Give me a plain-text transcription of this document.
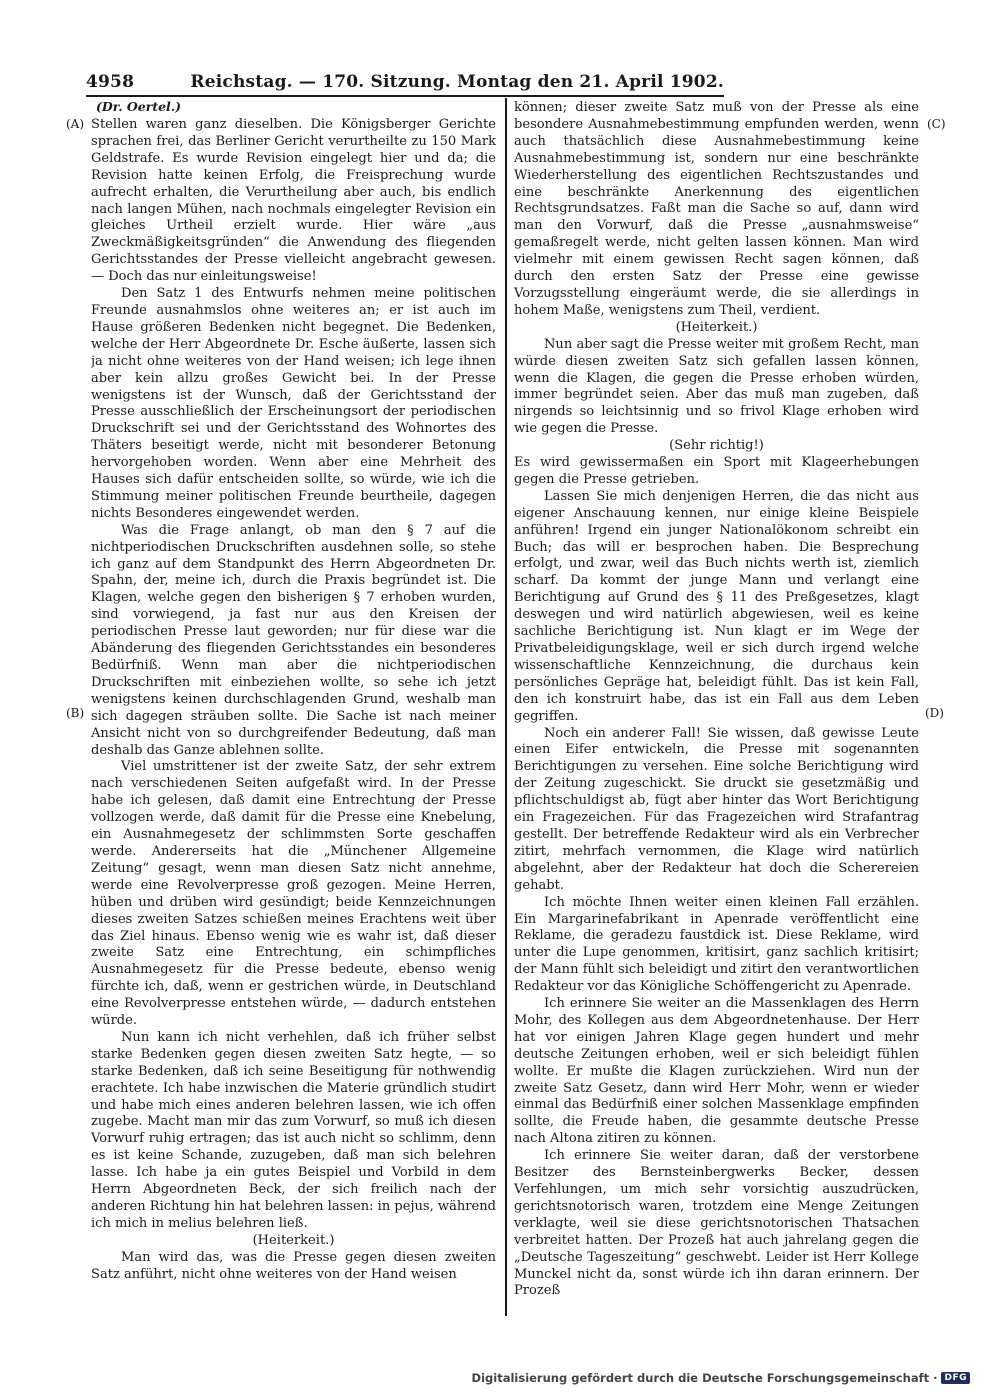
4958	Reichstag. — 170. Sitzung. Montag den 21. April 1902.
(Dr. Oertel.)
(A)
(B)
(C)
(D)

Stellen waren ganz dieselben. Die Königsberger Gerichte sprachen frei, das Berliner Gericht verurtheilte zu 150 Mark Geldstrafe. Es wurde Revision eingelegt hier und da; die Revision hatte keinen Erfolg, die Freisprechung wurde aufrecht erhalten, die Verurtheilung aber auch, bis endlich nach langen Mühen, nach nochmals eingelegter Revision ein gleiches Urtheil erzielt wurde. Hier wäre „aus Zweckmäßigkeitsgründen“ die Anwendung des fliegenden Gerichtsstandes der Presse vielleicht angebracht gewesen. — Doch das nur einleitungsweise!

Den Satz 1 des Entwurfs nehmen meine politischen Freunde ausnahmslos ohne weiteres an; er ist auch im Hause größeren Bedenken nicht begegnet. Die Bedenken, welche der Herr Abgeordnete Dr. Esche äußerte, lassen sich ja nicht ohne weiteres von der Hand weisen; ich lege ihnen aber kein allzu großes Gewicht bei. In der Presse wenigstens ist der Wunsch, daß der Gerichtsstand der Presse ausschließlich der Erscheinungsort der periodischen Druckschrift sei und der Gerichtsstand des Wohnortes des Thäters beseitigt werde, nicht mit besonderer Betonung hervorgehoben worden. Wenn aber eine Mehrheit des Hauses sich dafür entscheiden sollte, so würde, wie ich die Stimmung meiner politischen Freunde beurtheile, dagegen nichts Besonderes eingewendet werden.

Was die Frage anlangt, ob man den § 7 auf die nichtperiodischen Druckschriften ausdehnen solle, so stehe ich ganz auf dem Standpunkt des Herrn Abgeordneten Dr. Spahn, der, meine ich, durch die Praxis begründet ist. Die Klagen, welche gegen den bisherigen § 7 erhoben wurden, sind vorwiegend, ja fast nur aus den Kreisen der periodischen Presse laut geworden; nur für diese war die Abänderung des fliegenden Gerichtsstandes ein besonderes Bedürfniß. Wenn man aber die nichtperiodischen Druckschriften mit einbeziehen wollte, so sehe ich jetzt wenigstens keinen durchschlagenden Grund, weshalb man sich dagegen sträuben sollte. Die Sache ist nach meiner Ansicht nicht von so durchgreifender Bedeutung, daß man deshalb das Ganze ablehnen sollte.

Viel umstrittener ist der zweite Satz, der sehr extrem nach verschiedenen Seiten aufgefaßt wird. In der Presse habe ich gelesen, daß damit eine Entrechtung der Presse vollzogen werde, daß damit für die Presse eine Knebelung, ein Ausnahmegesetz der schlimmsten Sorte geschaffen werde. Andererseits hat die „Münchener Allgemeine Zeitung“ gesagt, wenn man diesen Satz nicht annehme, werde eine Revolverpresse groß gezogen. Meine Herren, hüben und drüben wird gesündigt; beide Kennzeichnungen dieses zweiten Satzes schießen meines Erachtens weit über das Ziel hinaus. Ebenso wenig wie es wahr ist, daß dieser zweite Satz eine Entrechtung, ein schimpfliches Ausnahmegesetz für die Presse bedeute, ebenso wenig fürchte ich, daß, wenn er gestrichen würde, in Deutschland eine Revolverpresse entstehen würde, — dadurch entstehen würde.

Nun kann ich nicht verhehlen, daß ich früher selbst starke Bedenken gegen diesen zweiten Satz hegte, — so starke Bedenken, daß ich seine Beseitigung für nothwendig erachtete. Ich habe inzwischen die Materie gründlich studirt und habe mich eines anderen belehren lassen, wie ich offen zugebe. Macht man mir das zum Vorwurf, so muß ich diesen Vorwurf ruhig ertragen; das ist auch nicht so schlimm, denn es ist keine Schande, zuzugeben, daß man sich belehren lasse. Ich habe ja ein gutes Beispiel und Vorbild in dem Herrn Abgeordneten Beck, der sich freilich nach der anderen Richtung hin hat belehren lassen: in pejus, während ich mich in melius belehren ließ.

(Heiterkeit.)

Man wird das, was die Presse gegen diesen zweiten Satz anführt, nicht ohne weiteres von der Hand weisen

können; dieser zweite Satz muß von der Presse als eine besondere Ausnahmebestimmung empfunden werden, wenn auch thatsächlich diese Ausnahmebestimmung keine Ausnahmebestimmung ist, sondern nur eine beschränkte Wiederherstellung des eigentlichen Rechtszustandes und eine beschränkte Anerkennung des eigentlichen Rechtsgrundsatzes. Faßt man die Sache so auf, dann wird man den Vorwurf, daß die Presse „ausnahmsweise“ gemaßregelt werde, nicht gelten lassen können. Man wird vielmehr mit einem gewissen Recht sagen können, daß durch den ersten Satz der Presse eine gewisse Vorzugsstellung eingeräumt werde, die sie allerdings in hohem Maße, wenigstens zum Theil, verdient.

(Heiterkeit.)

Nun aber sagt die Presse weiter mit großem Recht, man würde diesen zweiten Satz sich gefallen lassen können, wenn die Klagen, die gegen die Presse erhoben würden, immer begründet seien. Aber das muß man zugeben, daß nirgends so leichtsinnig und so frivol Klage erhoben wird wie gegen die Presse.

(Sehr richtig!)

Es wird gewissermaßen ein Sport mit Klageerhebungen gegen die Presse getrieben.

Lassen Sie mich denjenigen Herren, die das nicht aus eigener Anschauung kennen, nur einige kleine Beispiele anführen! Irgend ein junger Nationalökonom schreibt ein Buch; das will er besprochen haben. Die Besprechung erfolgt, und zwar, weil das Buch nichts werth ist, ziemlich scharf. Da kommt der junge Mann und verlangt eine Berichtigung auf Grund des § 11 des Preßgesetzes, klagt deswegen und wird natürlich abgewiesen, weil es keine sachliche Berichtigung ist. Nun klagt er im Wege der Privatbeleidigungsklage, weil er sich durch irgend welche wissenschaftliche Kennzeichnung, die durchaus kein persönliches Gepräge hat, beleidigt fühlt. Das ist kein Fall, den ich konstruirt habe, das ist ein Fall aus dem Leben gegriffen.

Noch ein anderer Fall! Sie wissen, daß gewisse Leute einen Eifer entwickeln, die Presse mit sogenannten Berichtigungen zu versehen. Eine solche Berichtigung wird der Zeitung zugeschickt. Sie druckt sie gesetzmäßig und pflichtschuldigst ab, fügt aber hinter das Wort Berichtigung ein Fragezeichen. Für das Fragezeichen wird Strafantrag gestellt. Der betreffende Redakteur wird als ein Verbrecher zitirt, mehrfach vernommen, die Klage wird natürlich abgelehnt, aber der Redakteur hat doch die Scherereien gehabt.

Ich möchte Ihnen weiter einen kleinen Fall erzählen. Ein Margarinefabrikant in Apenrade veröffentlicht eine Reklame, die geradezu faustdick ist. Diese Reklame, wird unter die Lupe genommen, kritisirt, ganz sachlich kritisirt; der Mann fühlt sich beleidigt und zitirt den verantwortlichen Redakteur vor das Königliche Schöffengericht zu Apenrade.

Ich erinnere Sie weiter an die Massenklagen des Herrn Mohr, des Kollegen aus dem Abgeordnetenhause. Der Herr hat vor einigen Jahren Klage gegen hundert und mehr deutsche Zeitungen erhoben, weil er sich beleidigt fühlen wollte. Er mußte die Klagen zurückziehen. Wird nun der zweite Satz Gesetz, dann wird Herr Mohr, wenn er wieder einmal das Bedürfniß einer solchen Massenklage empfinden sollte, die Freude haben, die gesammte deutsche Presse nach Altona zitiren zu können.

Ich erinnere Sie weiter daran, daß der verstorbene Besitzer des Bernsteinbergwerks Becker, dessen Verfehlungen, um mich sehr vorsichtig auszudrücken, gerichtsnotorisch waren, trotzdem eine Menge Zeitungen verklagte, weil sie diese gerichtsnotorischen Thatsachen verbreitet hatten. Der Prozeß hat auch jahrelang gegen die „Deutsche Tageszeitung“ geschwebt. Leider ist Herr Kollege Munckel nicht da, sonst würde ich ihn daran erinnern. Der Prozeß

Digitalisierung gefördert durch die Deutsche Forschungsgemeinschaft · DFG
